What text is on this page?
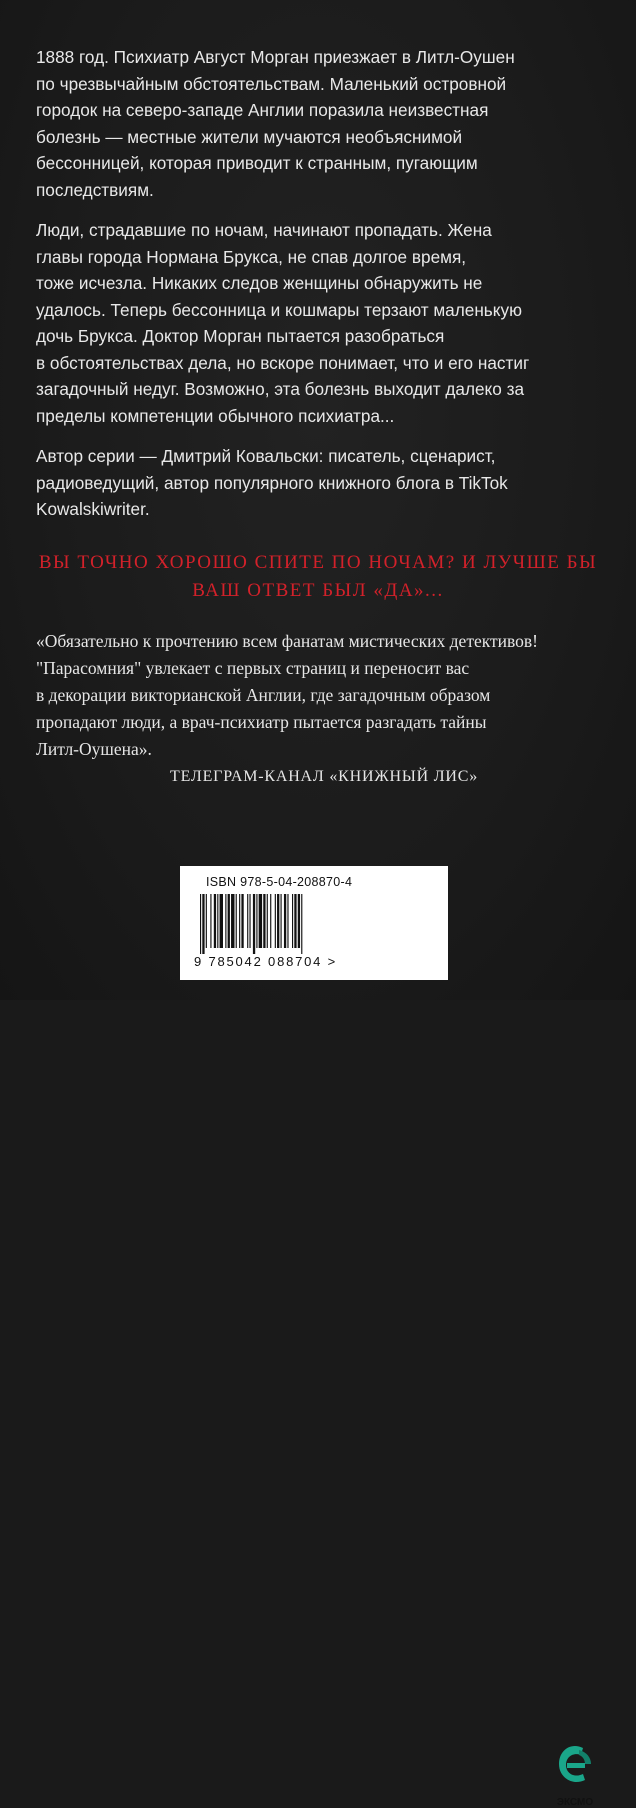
1888 год. Психиатр Август Морган приезжает в Литл-Оушен
по чрезвычайным обстоятельствам. Маленький островной
городок на северо-западе Англии поразила неизвестная
болезнь — местные жители мучаются необъяснимой
бессонницей, которая приводит к странным, пугающим
последствиям.

Люди, страдавшие по ночам, начинают пропадать. Жена
главы города Нормана Брукса, не спав долгое время,
тоже исчезла. Никаких следов женщины обнаружить не
удалось. Теперь бессонница и кошмары терзают маленькую
дочь Брукса. Доктор Морган пытается разобраться
в обстоятельствах дела, но вскоре понимает, что и его настиг
загадочный недуг. Возможно, эта болезнь выходит далеко за
пределы компетенции обычного психиатра...

Автор серии — Дмитрий Ковальски: писатель, сценарист,
радиоведущий, автор популярного книжного блога в TikTok
Kowalskiwriter.

ВЫ ТОЧНО ХОРОШО СПИТЕ ПО НОЧАМ? И ЛУЧШЕ БЫ
ВАШ ОТВЕТ БЫЛ «ДА»...
«Обязательно к прочтению всем фанатам мистических детективов!
"Парасомния" увлекает с первых страниц и переносит вас
в декорации викторианской Англии, где загадочным образом
пропадают люди, а врач-психиатр пытается разгадать тайны
Литл-Оушена».
ТЕЛЕГРАМ-КАНАЛ «КНИЖНЫЙ ЛИС»
ISBN 978-5-04-208870-4
9 785042 088704 >
ЭКСМО
